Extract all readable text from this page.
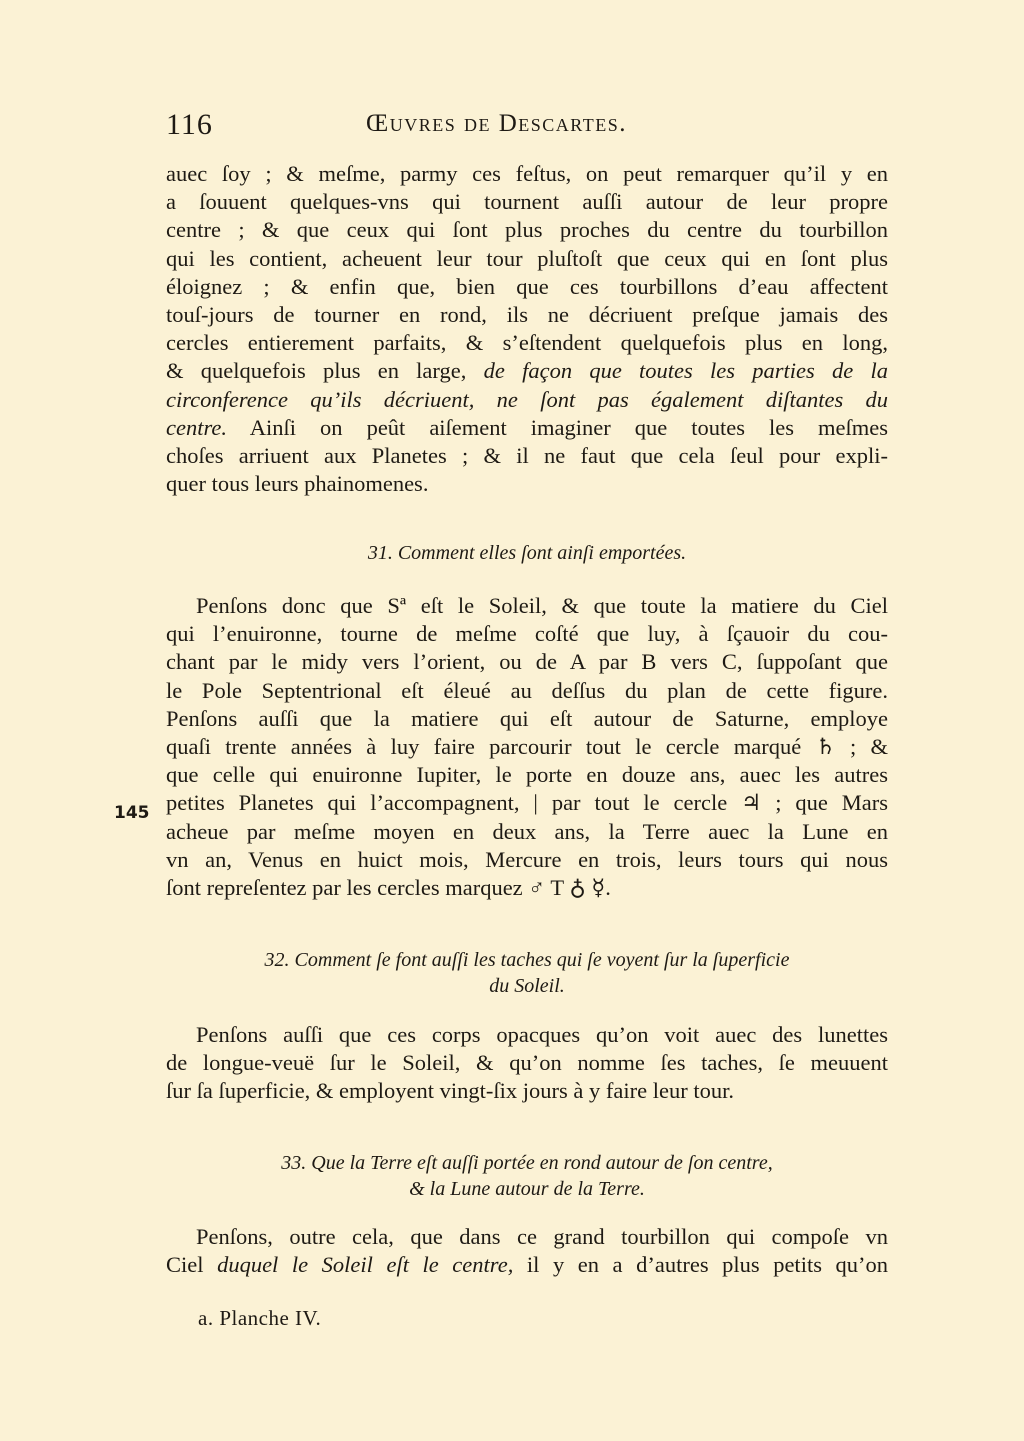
116	Œuvres de Descartes.
auec ſoy ; & meſme, parmy ces feſtus, on peut remarquer qu’il y en
a ſouuent quelques-vns qui tournent auſſi autour de leur propre
centre ; & que ceux qui ſont plus proches du centre du tourbillon
qui les contient, acheuent leur tour pluſtoſt que ceux qui en ſont plus
éloignez ; & enfin que, bien que ces tourbillons d’eau affectent
touſ-jours de tourner en rond, ils ne décriuent preſque jamais des
cercles entierement parfaits, & s’eſtendent quelquefois plus en long,
& quelquefois plus en large, de façon que toutes les parties de la
circonference qu’ils décriuent, ne ſont pas également diſtantes du
centre. Ainſi on peût aiſement imaginer que toutes les meſmes
choſes arriuent aux Planetes ; & il ne faut que cela ſeul pour expli-
quer tous leurs phainomenes.
31. Comment elles ſont ainſi emportées.
Penſons donc que Sª eſt le Soleil, & que toute la matiere du Ciel
qui l’enuironne, tourne de meſme coſté que luy, à ſçauoir du cou-
chant par le midy vers l’orient, ou de A par B vers C, ſuppoſant que
le Pole Septentrional eſt éleué au deſſus du plan de cette figure.
Penſons auſſi que la matiere qui eſt autour de Saturne, employe
quaſi trente années à luy faire parcourir tout le cercle marqué ♄ ; &
que celle qui enuironne Iupiter, le porte en douze ans, auec les autres
petites Planetes qui l’accompagnent, | par tout le cercle ♃ ; que Mars
acheue par meſme moyen en deux ans, la Terre auec la Lune en
vn an, Venus en huict mois, Mercure en trois, leurs tours qui nous
ſont repreſentez par les cercles marquez ♂ T ♁ ☿.
145
32. Comment ſe font auſſi les taches qui ſe voyent ſur la ſuperficie
du Soleil.
Penſons auſſi que ces corps opacques qu’on voit auec des lunettes
de longue-veuë ſur le Soleil, & qu’on nomme ſes taches, ſe meuuent
ſur ſa ſuperficie, & employent vingt-ſix jours à y faire leur tour.
33. Que la Terre eſt auſſi portée en rond autour de ſon centre,
& la Lune autour de la Terre.
Penſons, outre cela, que dans ce grand tourbillon qui compoſe vn
Ciel duquel le Soleil eſt le centre, il y en a d’autres plus petits qu’on
a. Planche IV.
